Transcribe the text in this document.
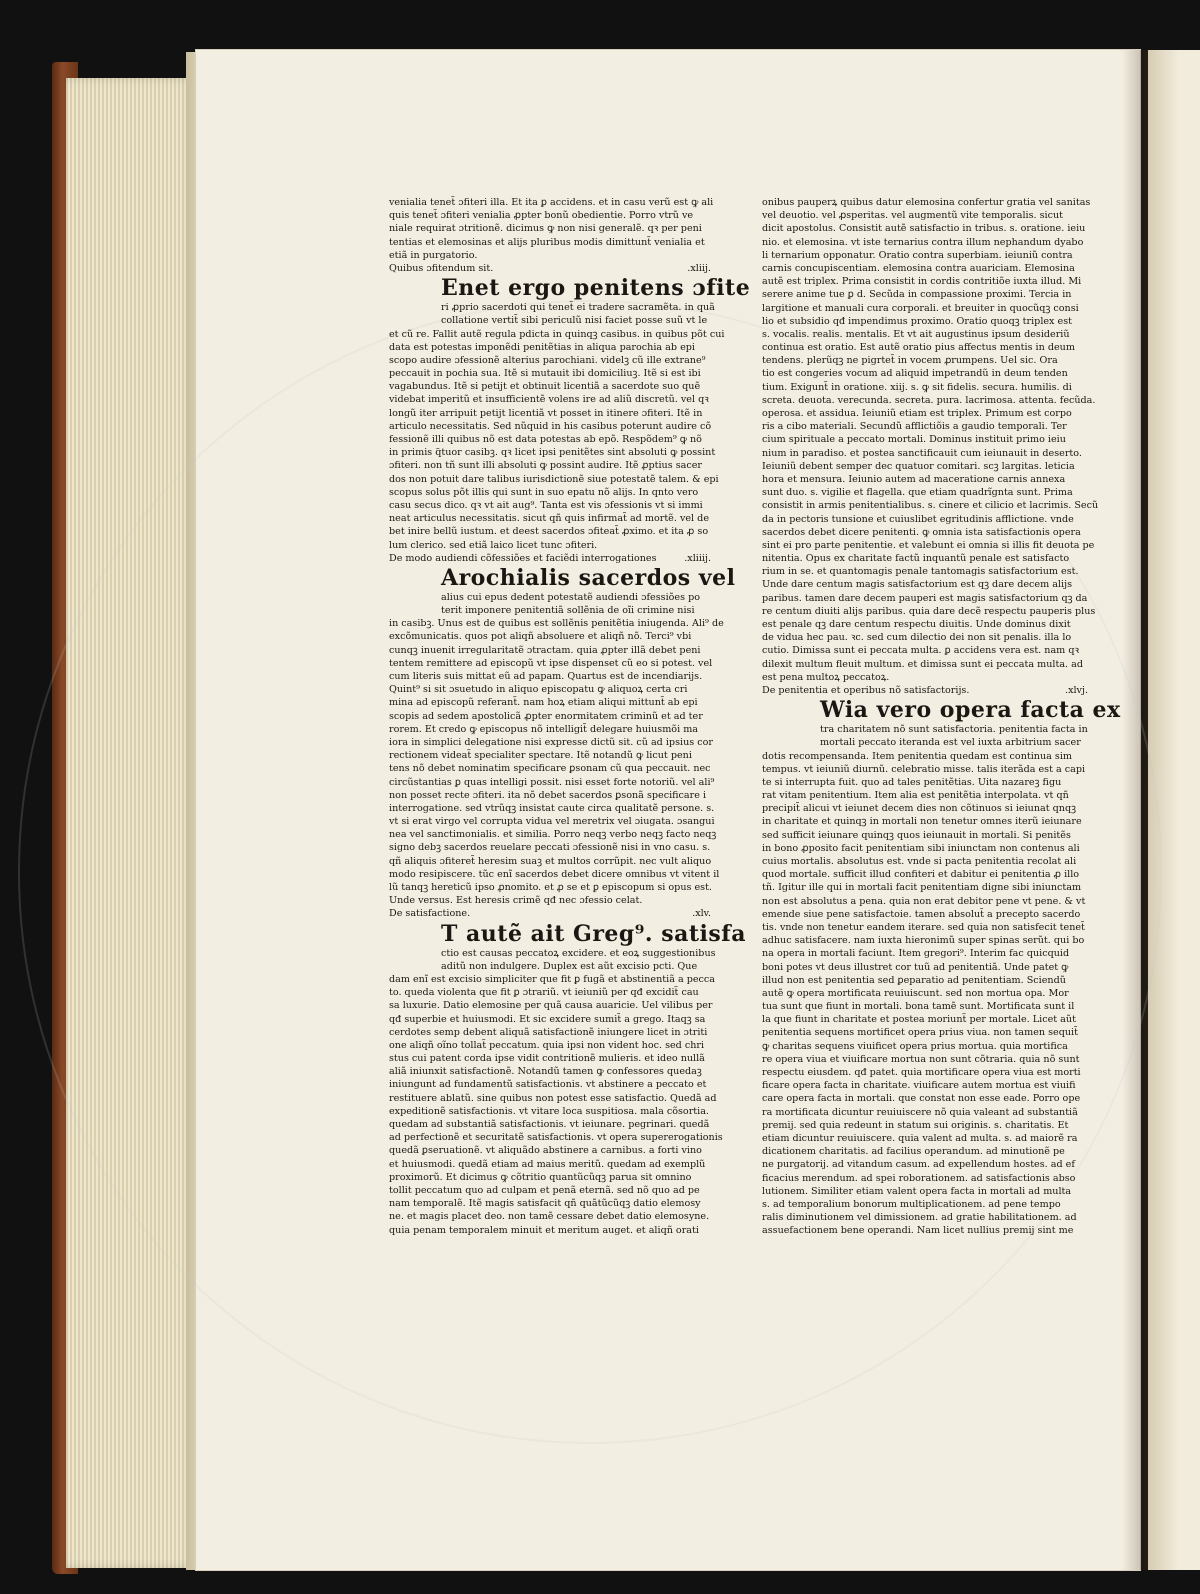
venialia tenet̃ ɔfiteri illa. Et ita ꝑ accidens. et in casu verũ est ꝙ ali
quis tenet̃ ɔfiteri venialia ꝓpter bonũ obedientie. Porro vtrũ ve
niale requirat ɔtritionẽ. dicimus ꝙ non nisi generalẽ. qꝛ per peni
tentias et elemosinas et alijs pluribus modis dimittunt̃ venialia et
etiã in purgatorio.
Quibus ɔfitendum sit.	.xliij.
Enet ergo penitens ɔfite
ri ꝓprio sacerdoti qui tenet̃ ei tradere sacramẽta. in quã
collatione vertit̃ sibi periculũ nisi faciet posse suũ vt le
et cũ re. Fallit autẽ regula pdicta in quinqꝫ casibus. in quibus põt cui
data est potestas imponẽdi penitẽtias in aliqua parochia ab epi
scopo audire ɔfessionẽ alterius parochiani. videlꝫ cũ ille extrane⁹
peccauit in pochia sua. Itẽ si mutauit ibi domiciliuꝫ. Itẽ si est ibi
vagabundus. Itẽ si petijt et obtinuit licentiã a sacerdote suo quẽ
videbat imperitũ et insufficientẽ volens ire ad aliũ discretũ. vel qꝛ
longũ iter arripuit petijt licentiã vt posset in itinere ɔfiteri. Itẽ in
articulo necessitatis. Sed nũquid in his casibus poterunt audire cõ
fessionẽ illi quibus nõ est data potestas ab epõ. Respõdem⁹ ꝙ nõ
in primis q̃tuor casibꝫ. qꝛ licet ipsi penitẽtes sint absoluti ꝙ possint
ɔfiteri. non tñ sunt illi absoluti ꝙ possint audire. Itẽ ꝓptius sacer
dos non potuit dare talibus iurisdictionẽ siue potestatẽ talem. & epi
scopus solus põt illis qui sunt in suo epatu nõ alijs. In qnto vero
casu secus dico. qꝛ vt ait aug⁹. Tanta est vis ɔfessionis vt si immi
neat articulus necessitatis. sicut qñ quis infirmat̃ ad mortẽ. vel de
bet inire bellũ iustum. et deest sacerdos ɔfiteat̃ ꝓximo. et ita ꝓ so
lum clerico. sed etiã laico licet tunc ɔfiteri.
De modo audiendi cõfessiões et faciẽdi interrogationes	.xliiij.
Arochialis sacerdos vel
alius cui epus dedent potestatẽ audiendi ɔfessiões po
terit imponere penitentiã sollẽnia de oĩi crimine nisi
in casibꝫ. Unus est de quibus est sollẽnis penitẽtia iniugenda. Ali⁹ de
excõmunicatis. quos pot aliqñ absoluere et aliqñ nõ. Terci⁹ vbi
cunqꝫ inuenit irregularitatẽ ɔtractam. quia ꝓpter illã debet peni
tentem remittere ad episcopũ vt ipse dispenset cũ eo si potest. vel
cum literis suis mittat eũ ad papam. Quartus est de incendiarijs.
Quint⁹ si sit ɔsuetudo in aliquo episcopatu ꝙ aliquoꝝ certa cri
mina ad episcopũ referant̃. nam hoꝝ etiam aliqui mittunt̃ ab epi
scopis ad sedem apostolicã ꝓpter enormitatem criminũ et ad ter
rorem. Et credo ꝙ episcopus nõ intelligit̃ delegare huiusmõi ma
iora in simplici delegatione nisi expresse dictũ sit. cũ ad ipsius cor
rectionem videat̃ specialiter spectare. Itẽ notandũ ꝙ licut peni
tens nõ debet nominatim specificare ꝑsonam cũ qua peccauit. nec
circũstantias ꝑ quas intelligi possit. nisi esset forte notoriũ. vel ali⁹
non posset recte ɔfiteri. ita nõ debet sacerdos ꝑsonã specificare i
interrogatione. sed vtrũqꝫ insistat caute circa qualitatẽ persone. s.
vt si erat virgo vel corrupta vidua vel meretrix vel ɔiugata. ɔsangui
nea vel sanctimonialis. et similia. Porro neqꝫ verbo neqꝫ facto neqꝫ
signo debꝫ sacerdos reuelare peccati ɔfessionẽ nisi in vno casu. s.
qñ aliquis ɔfiteret̃ heresim suaꝫ et multos corrũpit. nec vult aliquo
modo resipiscere. tũc enĩ sacerdos debet dicere omnibus vt vitent il
lũ tanqꝫ hereticũ ipso ꝓnomito. et ꝓ se et ꝑ episcopum si opus est.
Unde versus. Est heresis crimẽ qđ nec ɔfessio celat.
De satisfactione.	.xlv.
T autẽ ait Greg⁹. satisfa
ctio est causas peccatoꝝ excidere. et eoꝝ suggestionibus
aditũ non indulgere. Duplex est aũt excisio pcti. Que
dam enĩ est excisio simpliciter que fit ꝑ fugã et abstinentiã a pecca
to. queda violenta que fit ꝑ ɔtrariũ. vt ieiuniũ per qđ excidit̃ cau
sa luxurie. Datio elemosine per quã causa auaricie. Uel vilibus per
qđ superbie et huiusmodi. Et sic excidere sumit̃ a grego. Itaqꝫ sa
cerdotes semp debent aliquã satisfactionẽ iniungere licet in ɔtriti
one aliqñ oĩno tollat̃ peccatum. quia ipsi non vident hoc. sed chri
stus cui patent corda ipse vidit contritionẽ mulieris. et ideo nullã
aliã iniunxit satisfactionẽ. Notandũ tamen ꝙ confessores quedaꝫ
iniungunt ad fundamentũ satisfactionis. vt abstinere a peccato et
restituere ablatũ. sine quibus non potest esse satisfactio. Quedã ad
expeditionẽ satisfactionis. vt vitare loca suspitiosa. mala cõsortia.
quedam ad substantiã satisfactionis. vt ieiunare. pegrinari. quedã
ad perfectionẽ et securitatẽ satisfactionis. vt opera supererogationis
quedã ꝑseruationẽ. vt aliquãdo abstinere a carnibus. a forti vino
et huiusmodi. quedã etiam ad maius meritũ. quedam ad exemplũ
proximorũ. Et dicimus ꝙ cõtritio quantũcũqꝫ parua sit omnino
tollit peccatum quo ad culpam et penã eternã. sed nõ quo ad pe
nam temporalẽ. Itẽ magis satisfacit qñ quãtũcũqꝫ datio elemosy
ne. et magis placet deo. non tamẽ cessare debet datio elemosyne.
quia penam temporalem minuit et meritum auget. et aliqñ orati
onibus pauperꝝ quibus datur elemosina confertur gratia vel sanitas
vel deuotio. vel ꝓsperitas. vel augmentũ vite temporalis. sicut
dicit apostolus. Consistit autẽ satisfactio in tribus. s. oratione. ieiu
nio. et elemosina. vt iste ternarius contra illum nephandum dyabo
li ternarium opponatur. Oratio contra superbiam. ieiuniũ contra
carnis concupiscentiam. elemosina contra auariciam. Elemosina
autẽ est triplex. Prima consistit in cordis contritiõe iuxta illud. Mi
serere anime tue ꝑ d. Secũda in compassione proximi. Tercia in
largitione et manuali cura corporali. et breuiter in quocũqꝫ consi
lio et subsidio qđ impendimus proximo. Oratio quoqꝫ triplex est
s. vocalis. realis. mentalis. Et vt ait augustinus ipsum desideriũ
continua est oratio. Est autẽ oratio pius affectus mentis in deum
tendens. plerũqꝫ ne pigrtet̃ in vocem ꝓrumpens. Uel sic. Ora
tio est congeries vocum ad aliquid impetrandũ in deum tenden
tium. Exigunt̃ in oratione. xiij. s. ꝙ sit fidelis. secura. humilis. di
screta. deuota. verecunda. secreta. pura. lacrimosa. attenta. fecũda.
operosa. et assidua. Ieiuniũ etiam est triplex. Primum est corpo
ris a cibo materiali. Secundũ afflictiõis a gaudio temporali. Ter
cium spirituale a peccato mortali. Dominus instituit primo ieiu
nium in paradiso. et postea sanctificauit cum ieiunauit in deserto.
Ieiuniũ debent semper dec quatuor comitari. scꝫ largitas. leticia
hora et mensura. Ieiunio autem ad maceratione carnis annexa
sunt duo. s. vigilie et flagella. que etiam quadrĩgnta sunt. Prima
consistit in armis penitentialibus. s. cinere et cilicio et lacrimis. Secũ
da in pectoris tunsione et cuiuslibet egritudinis afflictione. vnde
sacerdos debet dicere penitenti. ꝙ omnia ista satisfactionis opera
sint ei pro parte penitentie. et valebunt ei omnia si illis fit deuota pe
nitentia. Opus ex charitate factũ inquantũ penale est satisfacto
rium in se. et quantomagis penale tantomagis satisfactorium est.
Unde dare centum magis satisfactorium est qꝫ dare decem alijs
paribus. tamen dare decem pauperi est magis satisfactorium qꝫ da
re centum diuiti alijs paribus. quia dare decẽ respectu pauperis plus
est penale qꝫ dare centum respectu diuitis. Unde dominus dixit
de vidua hec pau. ꝛc. sed cum dilectio dei non sit penalis. illa lo
cutio. Dimissa sunt ei peccata multa. ꝑ accidens vera est. nam qꝛ
dilexit multum fleuit multum. et dimissa sunt ei peccata multa. ad
est pena multoꝝ peccatoꝝ.
De penitentia et operibus nõ satisfactorijs.	.xlvj.
Wia vero opera facta ex
tra charitatem nõ sunt satisfactoria. penitentia facta in
mortali peccato iteranda est vel iuxta arbitrium sacer
dotis recompensanda. Item penitentia quedam est continua sim
tempus. vt ieiuniũ diurnũ. celebratio misse. talis iterãda est a capi
te si interrupta fuit. quo ad tales penitẽtias. Uita nazareꝫ figu
rat vitam penitentium. Item alia est penitẽtia interpolata. vt qñ
precipit̃ alicui vt ieiunet decem dies non cõtinuos si ieiunat qnqꝫ
in charitate et quinqꝫ in mortali non tenetur omnes iterũ ieiunare
sed sufficit ieiunare quinqꝫ quos ieiunauit in mortali. Si penitẽs
in bono ꝓposito facit penitentiam sibi iniunctam non contenus ali
cuius mortalis. absolutus est. vnde si pacta penitentia recolat ali
quod mortale. sufficit illud confiteri et dabitur ei penitentia ꝓ illo
tñ. Igitur ille qui in mortali facit penitentiam digne sibi iniunctam
non est absolutus a pena. quia non erat debitor pene vt pene. & vt
emende siue pene satisfactoie. tamen absolut̃ a precepto sacerdo
tis. vnde non tenetur eandem iterare. sed quia non satisfecit tenet̃
adhuc satisfacere. nam iuxta hieronimũ super spinas serũt. qui bo
na opera in mortali faciunt. Item gregori⁹. Interim fac quicquid
boni potes vt deus illustret cor tuũ ad penitentiã. Unde patet ꝙ
illud non est penitentia sed ꝑeparatio ad penitentiam. Sciendũ
autẽ ꝙ opera mortificata reuiuiscunt. sed non mortua opa. Mor
tua sunt que fiunt in mortali. bona tamẽ sunt. Mortificata sunt il
la que fiunt in charitate et postea moriunt̃ per mortale. Licet aũt
penitentia sequens mortificet opera prius viua. non tamen sequit̃
ꝙ charitas sequens viuificet opera prius mortua. quia mortifica
re opera viua et viuificare mortua non sunt cõtraria. quia nõ sunt
respectu eiusdem. qđ patet. quia mortificare opera viua est morti
ficare opera facta in charitate. viuificare autem mortua est viuifi
care opera facta in mortali. que constat non esse eade. Porro ope
ra mortificata dicuntur reuiuiscere nõ quia valeant ad substantiã
premij. sed quia redeunt in statum sui originis. s. charitatis. Et
etiam dicuntur reuiuiscere. quia valent ad multa. s. ad maiorẽ ra
dicationem charitatis. ad facilius operandum. ad minutionẽ pe
ne purgatorij. ad vitandum casum. ad expellendum hostes. ad ef
ficacius merendum. ad spei roborationem. ad satisfactionis abso
lutionem. Similiter etiam valent opera facta in mortali ad multa
s. ad temporalium bonorum multiplicationem. ad pene tempo
ralis diminutionem vel dimissionem. ad gratie habilitationem. ad
assuefactionem bene operandi. Nam licet nullius premij sint me
